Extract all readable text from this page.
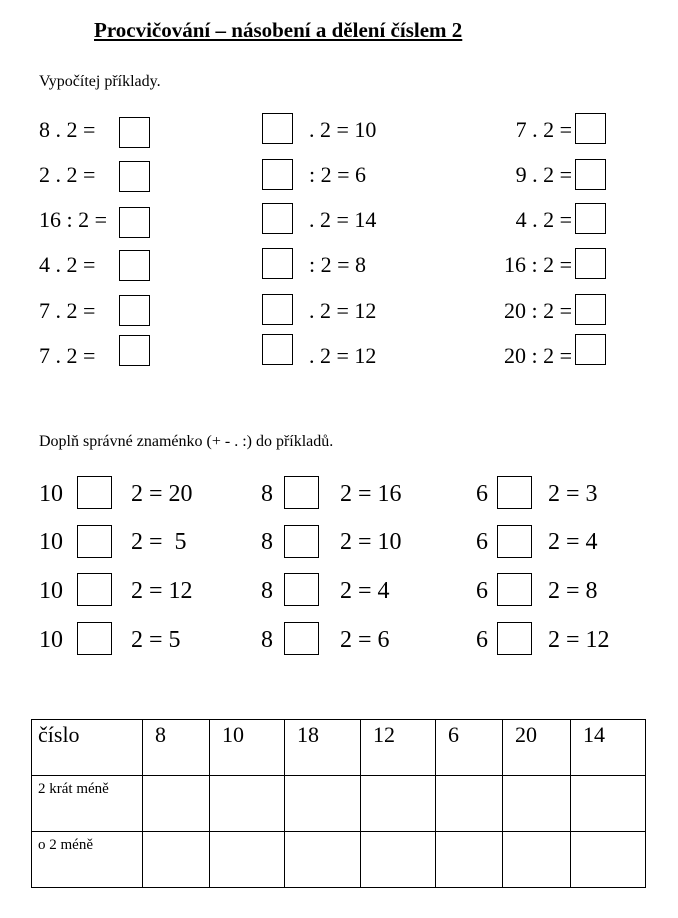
Procvičování – násobení a dělení číslem 2
Vypočítej příklady.
8 . 2 =
2 . 2 =
16 : 2 =
4 . 2 =
7 . 2 =
7 . 2 =
. 2 = 10
: 2 = 6
. 2 = 14
: 2 = 8
. 2 = 12
. 2 = 12
7 . 2 =
9 . 2 =
4 . 2 =
16 : 2 =
20 : 2 =
20 : 2 =
Doplň správné znaménko (+ - . :) do příkladů.
10	2 = 20
10	2 =  5
10	2 = 12
10	2 = 5
8	2 = 16
8	2 = 10
8	2 = 4
8	2 = 6
6	2 = 3
6	2 = 4
6	2 = 8
6	2 = 12
číslo	8	10	18	12	6	20	14
2 krát méně							
o 2 méně							
